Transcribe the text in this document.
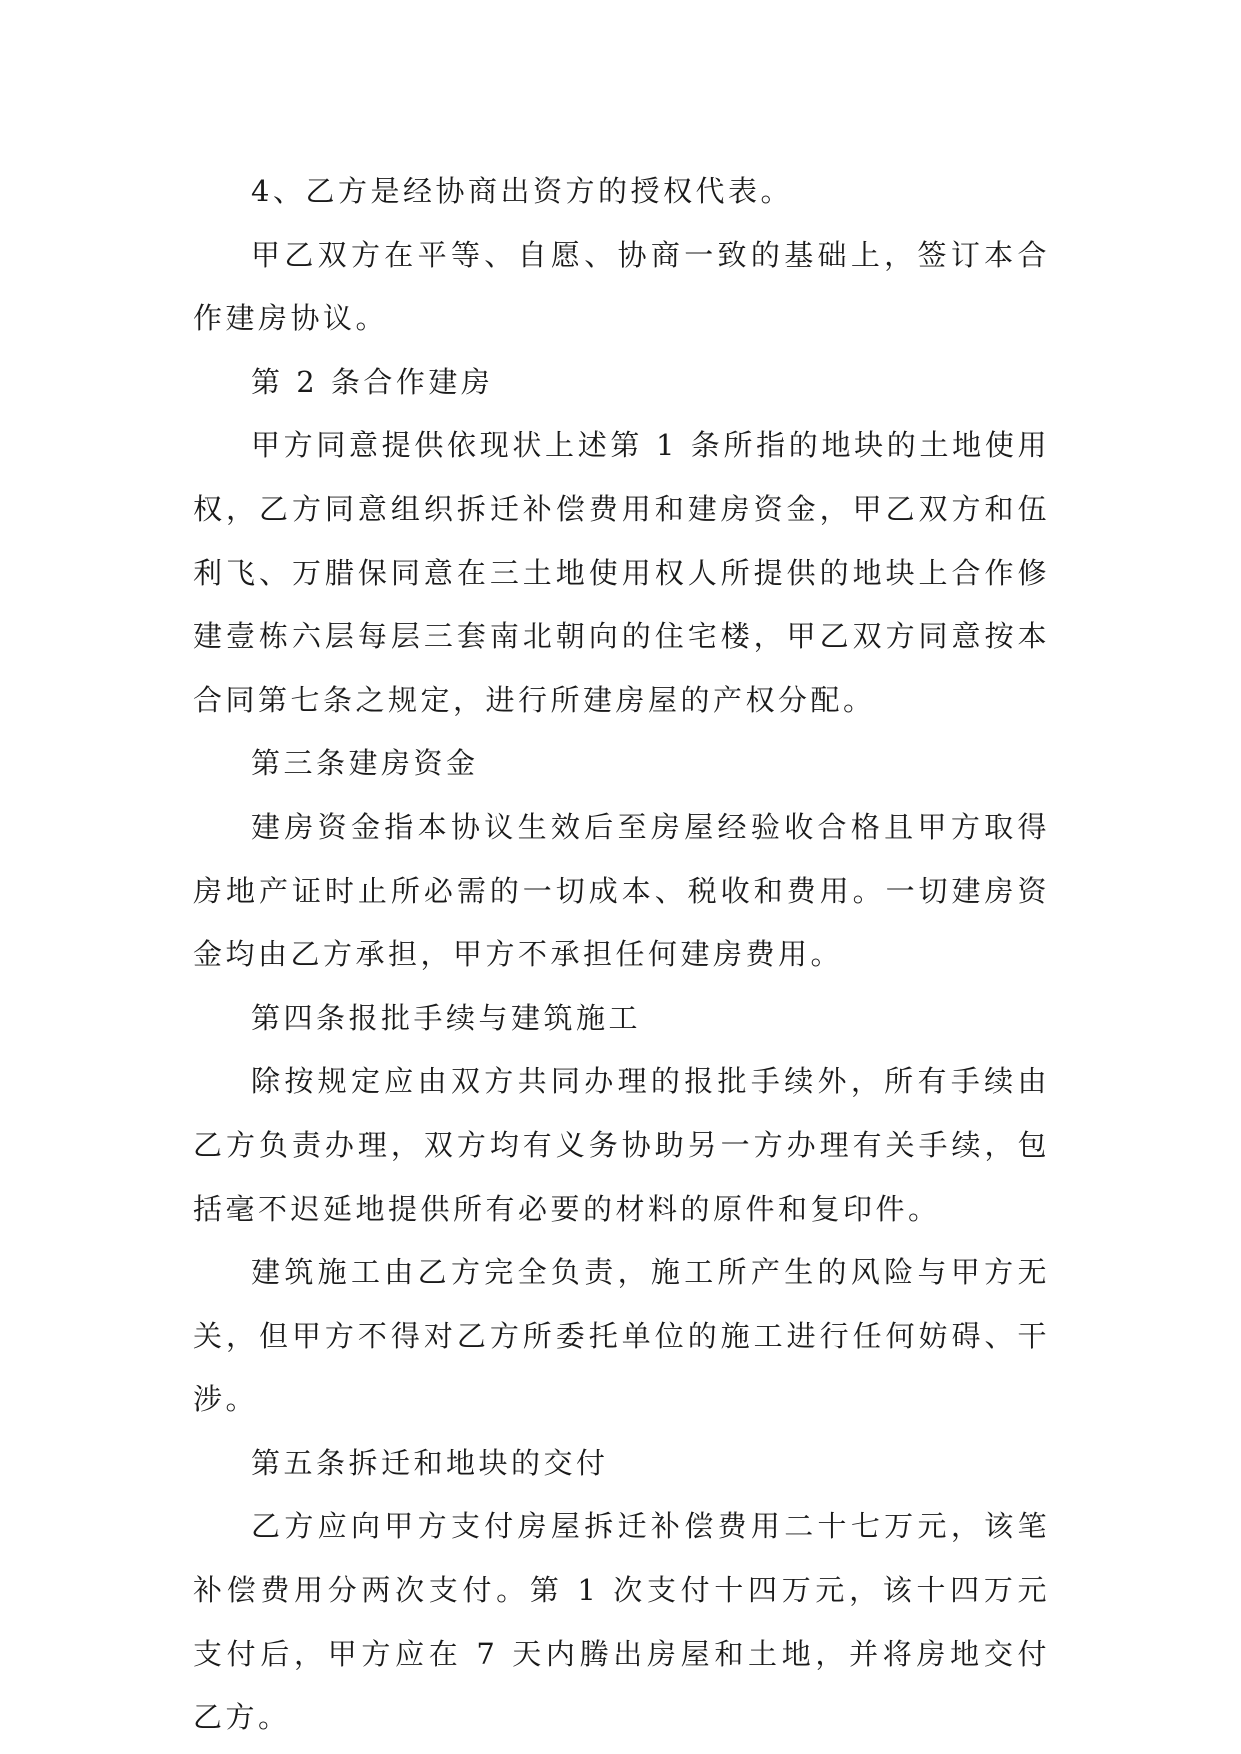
4、乙方是经协商出资方的授权代表。

甲乙双方在平等、自愿、协商一致的基础上，签订本合作建房协议。

第 2 条合作建房

甲方同意提供依现状上述第 1 条所指的地块的土地使用权，乙方同意组织拆迁补偿费用和建房资金，甲乙双方和伍利飞、万腊保同意在三土地使用权人所提供的地块上合作修建壹栋六层每层三套南北朝向的住宅楼，甲乙双方同意按本合同第七条之规定，进行所建房屋的产权分配。

第三条建房资金

建房资金指本协议生效后至房屋经验收合格且甲方取得房地产证时止所必需的一切成本、税收和费用。一切建房资金均由乙方承担，甲方不承担任何建房费用。

第四条报批手续与建筑施工

除按规定应由双方共同办理的报批手续外，所有手续由乙方负责办理，双方均有义务协助另一方办理有关手续，包括毫不迟延地提供所有必要的材料的原件和复印件。

建筑施工由乙方完全负责，施工所产生的风险与甲方无关，但甲方不得对乙方所委托单位的施工进行任何妨碍、干涉。

第五条拆迁和地块的交付

乙方应向甲方支付房屋拆迁补偿费用二十七万元，该笔补偿费用分两次支付。第 1 次支付十四万元，该十四万元支付后，甲方应在 7 天内腾出房屋和土地，并将房地交付乙方。
